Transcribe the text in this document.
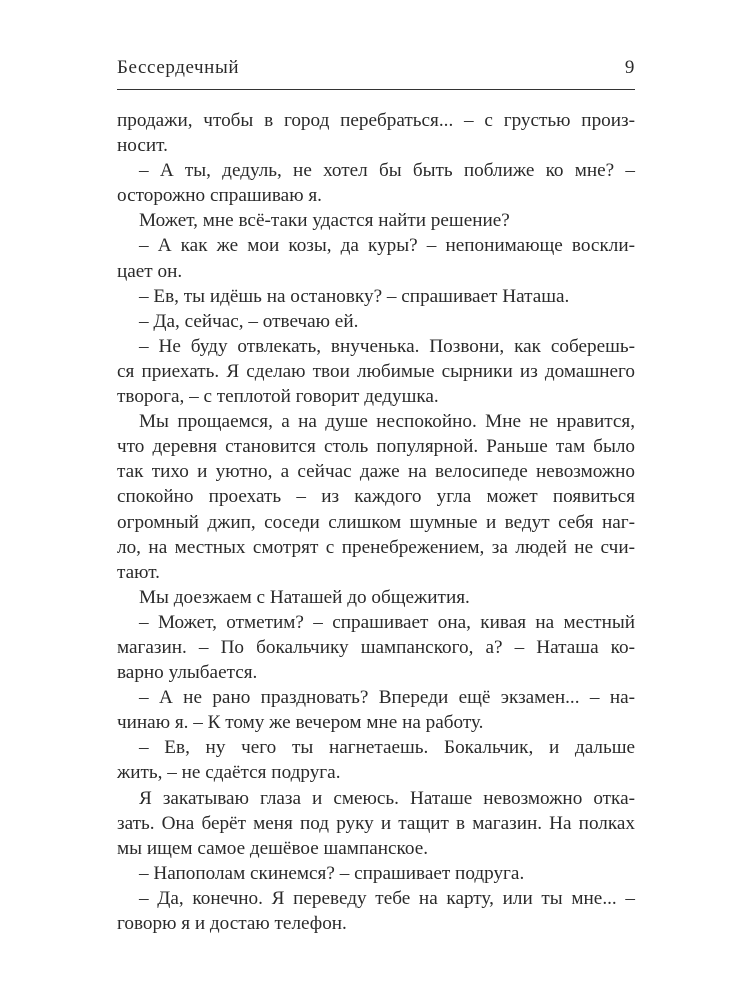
Бессердечный	9
продажи, чтобы в город перебраться... – с грустью произ-
носит.
– А ты, дедуль, не хотел бы быть поближе ко мне? –
осторожно спрашиваю я.
Может, мне всё-таки удастся найти решение?
– А как же мои козы, да куры? – непонимающе воскли-
цает он.
– Ев, ты идёшь на остановку? – спрашивает Наташа.
– Да, сейчас, – отвечаю ей.
– Не буду отвлекать, внученька. Позвони, как соберешь-
ся приехать. Я сделаю твои любимые сырники из домашнего
творога, – с теплотой говорит дедушка.
Мы прощаемся, а на душе неспокойно. Мне не нравится,
что деревня становится столь популярной. Раньше там было
так тихо и уютно, а сейчас даже на велосипеде невозможно
спокойно проехать – из каждого угла может появиться
огромный джип, соседи слишком шумные и ведут себя наг-
ло, на местных смотрят с пренебрежением, за людей не счи-
тают.
Мы доезжаем с Наташей до общежития.
– Может, отметим? – спрашивает она, кивая на местный
магазин. – По бокальчику шампанского, а? – Наташа ко-
варно улыбается.
– А не рано праздновать? Впереди ещё экзамен... – на-
чинаю я. – К тому же вечером мне на работу.
– Ев, ну чего ты нагнетаешь. Бокальчик, и дальше
жить, – не сдаётся подруга.
Я закатываю глаза и смеюсь. Наташе невозможно отка-
зать. Она берёт меня под руку и тащит в магазин. На полках
мы ищем самое дешёвое шампанское.
– Напополам скинемся? – спрашивает подруга.
– Да, конечно. Я переведу тебе на карту, или ты мне... –
говорю я и достаю телефон.
